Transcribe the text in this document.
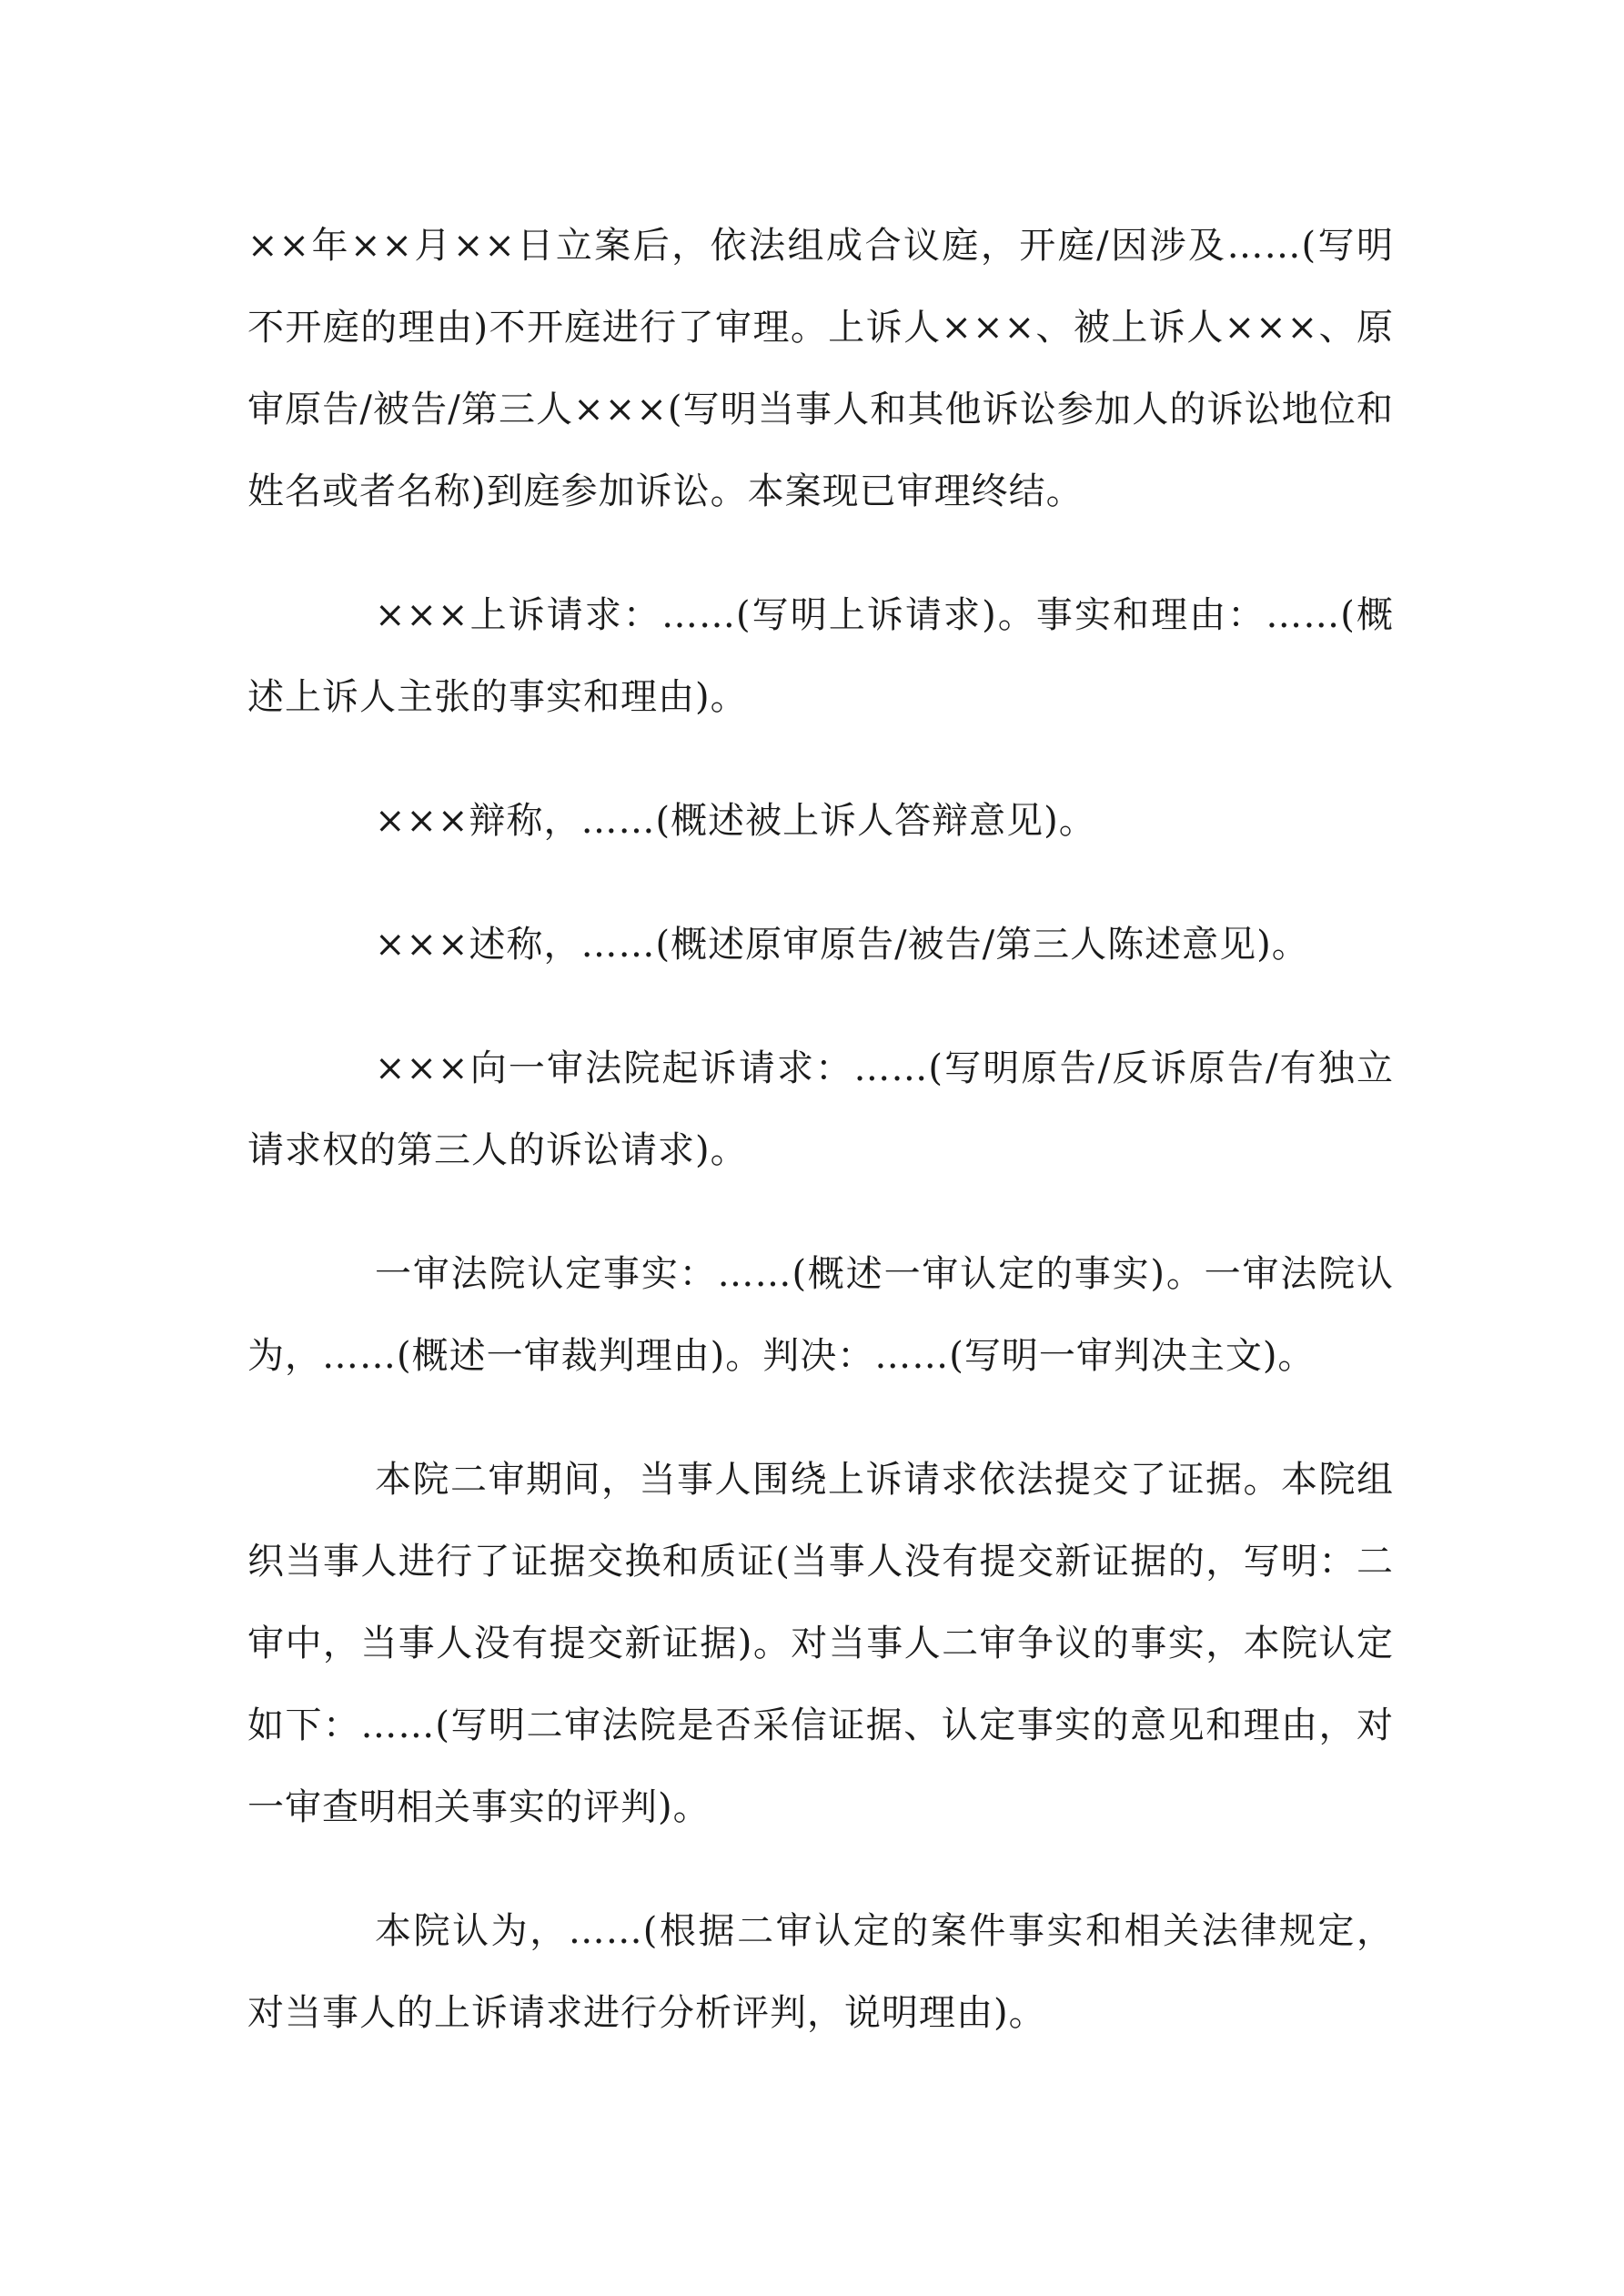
××年××月××日立案后，依法组成合议庭，开庭/因涉及……(写明不开庭的理由)不开庭进行了审理。上诉人×××、被上诉人×××、原审原告/被告/第三人×××(写明当事人和其他诉讼参加人的诉讼地位和姓名或者名称)到庭参加诉讼。本案现已审理终结。

×××上诉请求：……(写明上诉请求)。事实和理由：……(概述上诉人主张的事实和理由)。

×××辩称，……(概述被上诉人答辩意见)。

×××述称，……(概述原审原告/被告/第三人陈述意见)。

×××向一审法院起诉请求：……(写明原告/反诉原告/有独立请求权的第三人的诉讼请求)。

一审法院认定事实：……(概述一审认定的事实)。一审法院认为，……(概述一审裁判理由)。判决：……(写明一审判决主文)。

本院二审期间，当事人围绕上诉请求依法提交了证据。本院组织当事人进行了证据交换和质证(当事人没有提交新证据的，写明：二审中，当事人没有提交新证据)。对当事人二审争议的事实，本院认定如下：……(写明二审法院是否采信证据、认定事实的意见和理由，对一审查明相关事实的评判)。

本院认为，……(根据二审认定的案件事实和相关法律规定，对当事人的上诉请求进行分析评判，说明理由)。
